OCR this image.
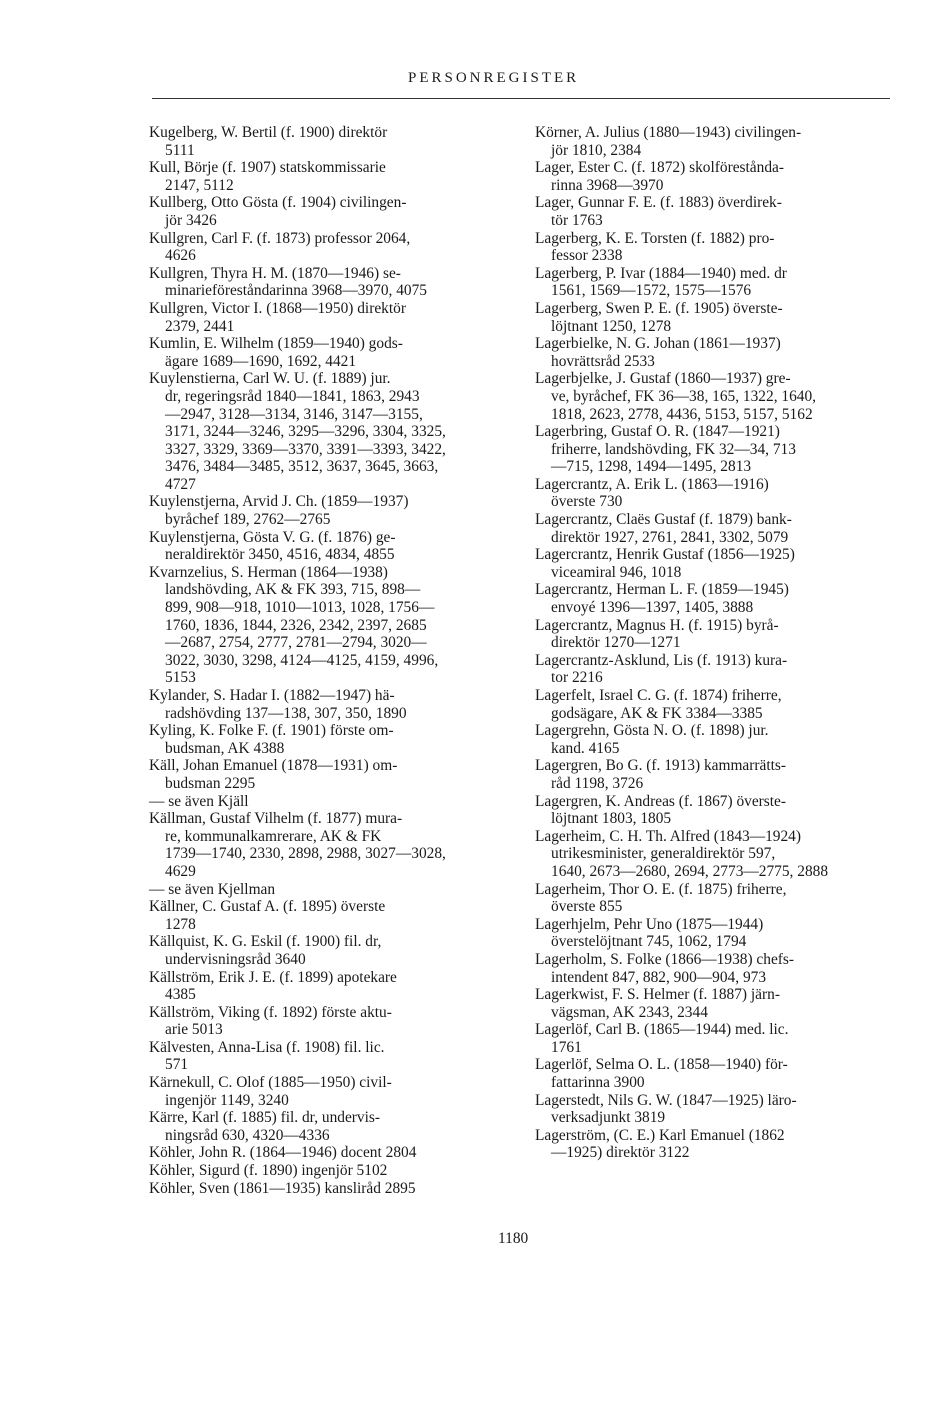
PERSONREGISTER
Kugelberg, W. Bertil (f. 1900) direktör
5111
Kull, Börje (f. 1907) statskommissarie
2147, 5112
Kullberg, Otto Gösta (f. 1904) civilingen-
jör 3426
Kullgren, Carl F. (f. 1873) professor 2064,
4626
Kullgren, Thyra H. M. (1870—1946) se-
minarieföreståndarinna 3968—3970, 4075
Kullgren, Victor I. (1868—1950) direktör
2379, 2441
Kumlin, E. Wilhelm (1859—1940) gods-
ägare 1689—1690, 1692, 4421
Kuylenstierna, Carl W. U. (f. 1889) jur.
dr, regeringsråd 1840—1841, 1863, 2943
—2947, 3128—3134, 3146, 3147—3155,
3171, 3244—3246, 3295—3296, 3304, 3325,
3327, 3329, 3369—3370, 3391—3393, 3422,
3476, 3484—3485, 3512, 3637, 3645, 3663,
4727
Kuylenstjerna, Arvid J. Ch. (1859—1937)
byråchef 189, 2762—2765
Kuylenstjerna, Gösta V. G. (f. 1876) ge-
neraldirektör 3450, 4516, 4834, 4855
Kvarnzelius, S. Herman (1864—1938)
landshövding, AK & FK 393, 715, 898—
899, 908—918, 1010—1013, 1028, 1756—
1760, 1836, 1844, 2326, 2342, 2397, 2685
—2687, 2754, 2777, 2781—2794, 3020—
3022, 3030, 3298, 4124—4125, 4159, 4996,
5153
Kylander, S. Hadar I. (1882—1947) hä-
radshövding 137—138, 307, 350, 1890
Kyling, K. Folke F. (f. 1901) förste om-
budsman, AK 4388
Käll, Johan Emanuel (1878—1931) om-
budsman 2295
— se även Kjäll
Källman, Gustaf Vilhelm (f. 1877) mura-
re, kommunalkamrerare, AK & FK
1739—1740, 2330, 2898, 2988, 3027—3028,
4629
— se även Kjellman
Källner, C. Gustaf A. (f. 1895) överste
1278
Källquist, K. G. Eskil (f. 1900) fil. dr,
undervisningsråd 3640
Källström, Erik J. E. (f. 1899) apotekare
4385
Källström, Viking (f. 1892) förste aktu-
arie 5013
Kälvesten, Anna-Lisa (f. 1908) fil. lic.
571
Kärnekull, C. Olof (1885—1950) civil-
ingenjör 1149, 3240
Kärre, Karl (f. 1885) fil. dr, undervis-
ningsråd 630, 4320—4336
Köhler, John R. (1864—1946) docent 2804
Köhler, Sigurd (f. 1890) ingenjör 5102
Köhler, Sven (1861—1935) kansliråd 2895
Körner, A. Julius (1880—1943) civilingen-
jör 1810, 2384
Lager, Ester C. (f. 1872) skolförestånda-
rinna 3968—3970
Lager, Gunnar F. E. (f. 1883) överdirek-
tör 1763
Lagerberg, K. E. Torsten (f. 1882) pro-
fessor 2338
Lagerberg, P. Ivar (1884—1940) med. dr
1561, 1569—1572, 1575—1576
Lagerberg, Swen P. E. (f. 1905) överste-
löjtnant 1250, 1278
Lagerbielke, N. G. Johan (1861—1937)
hovrättsråd 2533
Lagerbjelke, J. Gustaf (1860—1937) gre-
ve, byråchef, FK 36—38, 165, 1322, 1640,
1818, 2623, 2778, 4436, 5153, 5157, 5162
Lagerbring, Gustaf O. R. (1847—1921)
friherre, landshövding, FK 32—34, 713
—715, 1298, 1494—1495, 2813
Lagercrantz, A. Erik L. (1863—1916)
överste 730
Lagercrantz, Claës Gustaf (f. 1879) bank-
direktör 1927, 2761, 2841, 3302, 5079
Lagercrantz, Henrik Gustaf (1856—1925)
viceamiral 946, 1018
Lagercrantz, Herman L. F. (1859—1945)
envoyé 1396—1397, 1405, 3888
Lagercrantz, Magnus H. (f. 1915) byrå-
direktör 1270—1271
Lagercrantz-Asklund, Lis (f. 1913) kura-
tor 2216
Lagerfelt, Israel C. G. (f. 1874) friherre,
godsägare, AK & FK 3384—3385
Lagergrehn, Gösta N. O. (f. 1898) jur.
kand. 4165
Lagergren, Bo G. (f. 1913) kammarrätts-
råd 1198, 3726
Lagergren, K. Andreas (f. 1867) överste-
löjtnant 1803, 1805
Lagerheim, C. H. Th. Alfred (1843—1924)
utrikesminister, generaldirektör 597,
1640, 2673—2680, 2694, 2773—2775, 2888
Lagerheim, Thor O. E. (f. 1875) friherre,
överste 855
Lagerhjelm, Pehr Uno (1875—1944)
överstelöjtnant 745, 1062, 1794
Lagerholm, S. Folke (1866—1938) chefs-
intendent 847, 882, 900—904, 973
Lagerkwist, F. S. Helmer (f. 1887) järn-
vägsman, AK 2343, 2344
Lagerlöf, Carl B. (1865—1944) med. lic.
1761
Lagerlöf, Selma O. L. (1858—1940) för-
fattarinna 3900
Lagerstedt, Nils G. W. (1847—1925) läro-
verksadjunkt 3819
Lagerström, (C. E.) Karl Emanuel (1862
—1925) direktör 3122
1180
